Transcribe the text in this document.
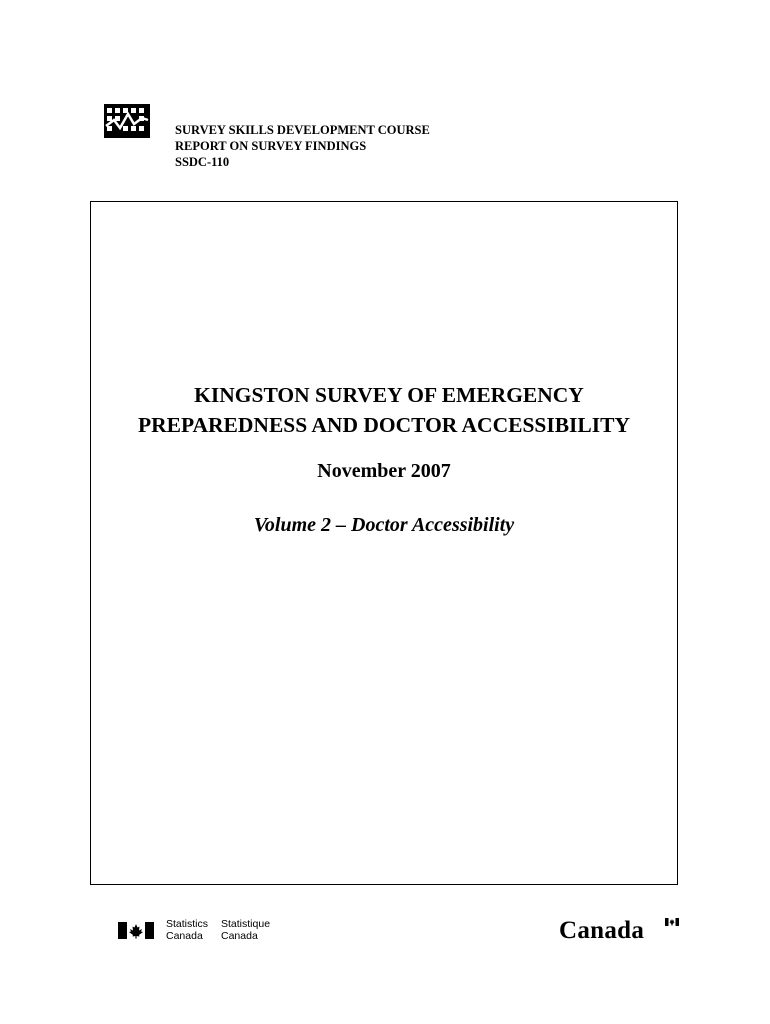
SURVEY SKILLS DEVELOPMENT COURSE
REPORT ON SURVEY FINDINGS
SSDC-110
KINGSTON SURVEY OF EMERGENCY
PREPAREDNESS AND DOCTOR ACCESSIBILITY
November 2007
Volume 2 – Doctor Accessibility
Statistics
Canada
Statistique
Canada	Canada
